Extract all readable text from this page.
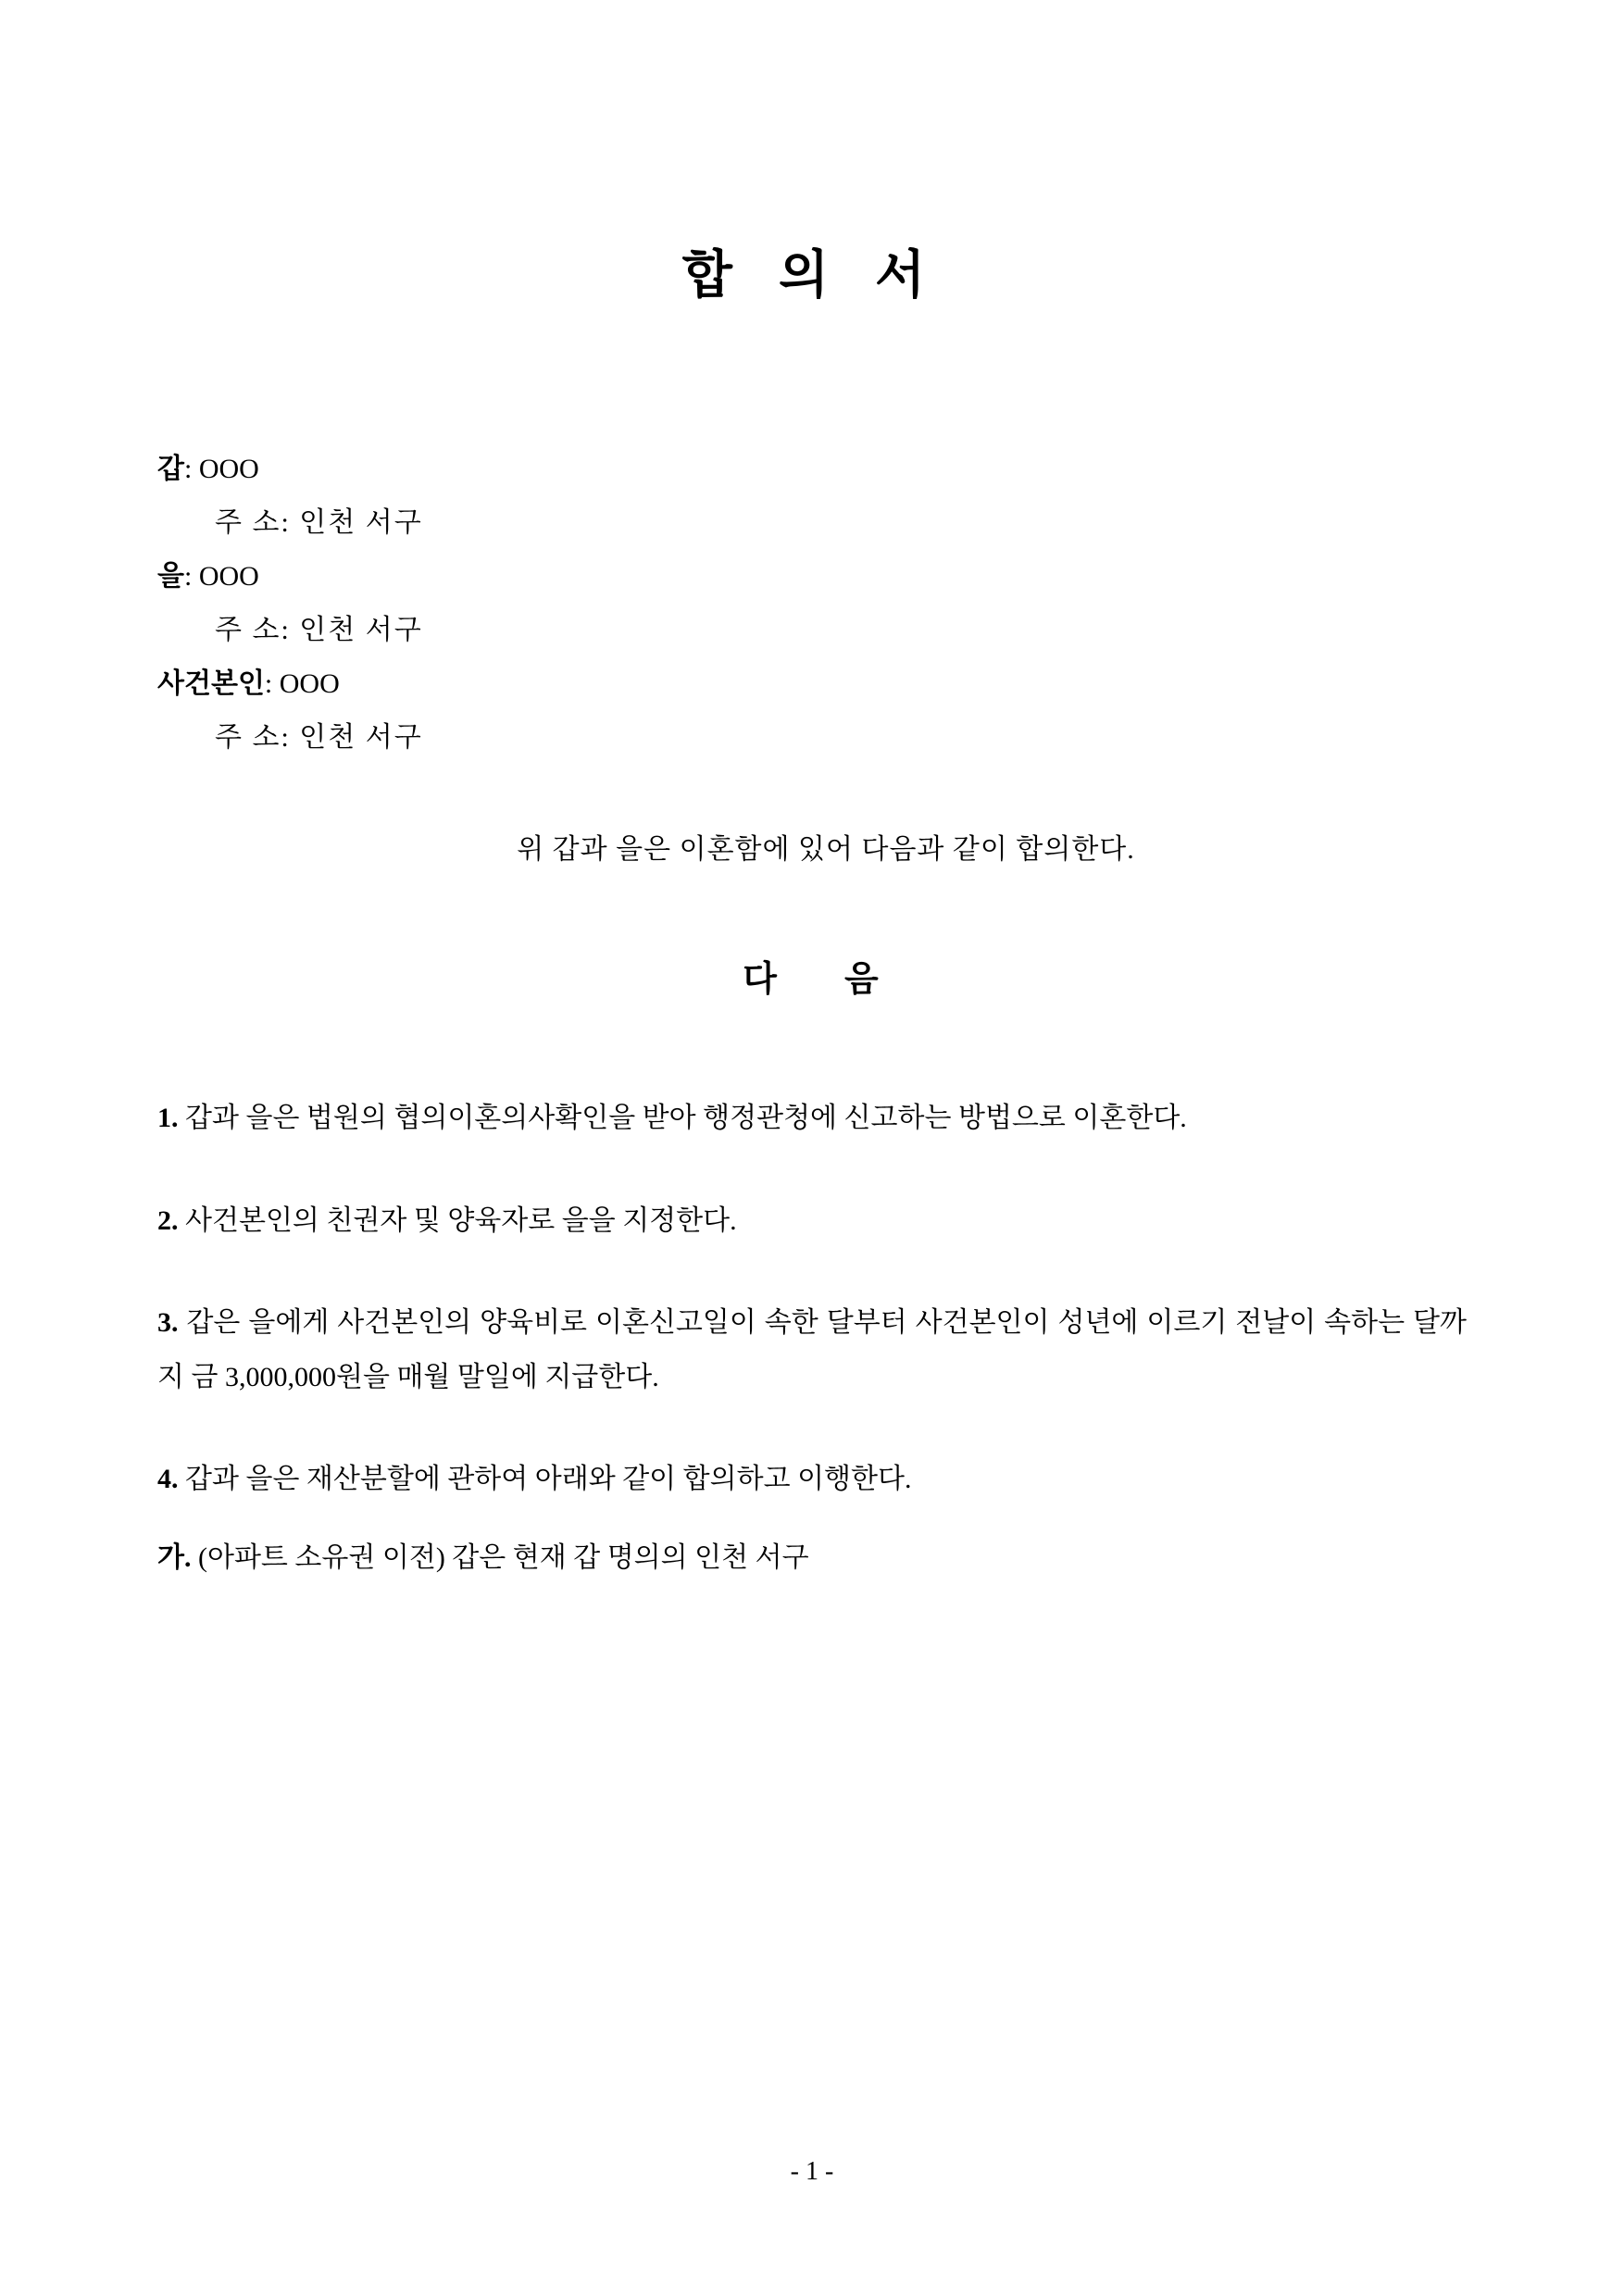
합 의 서
갑: OOO
주 소: 인천 서구
을: OOO
주 소: 인천 서구
사건본인: OOO
주 소: 인천 서구
위 갑과 을은 이혼함에 있어 다음과 같이 합의한다.
다 음
1. 갑과 을은 법원의 협의이혼의사확인을 받아 행정관청에 신고하는 방법으로 이혼한다.
2. 사건본인의 친권자 및 양육자로 을을 지정한다.
3. 갑은 을에게 사건본인의 양육비로 이혼신고일이 속한 달부터 사건본인이 성년에 이르기 전날이 속하는 달까지 금 3,000,000원을 매월 말일에 지급한다.
4. 갑과 을은 재산분할에 관하여 아래와 같이 합의하고 이행한다.
가. (아파트 소유권 이전) 갑은 현재 갑 명의의 인천 서구
- 1 -
